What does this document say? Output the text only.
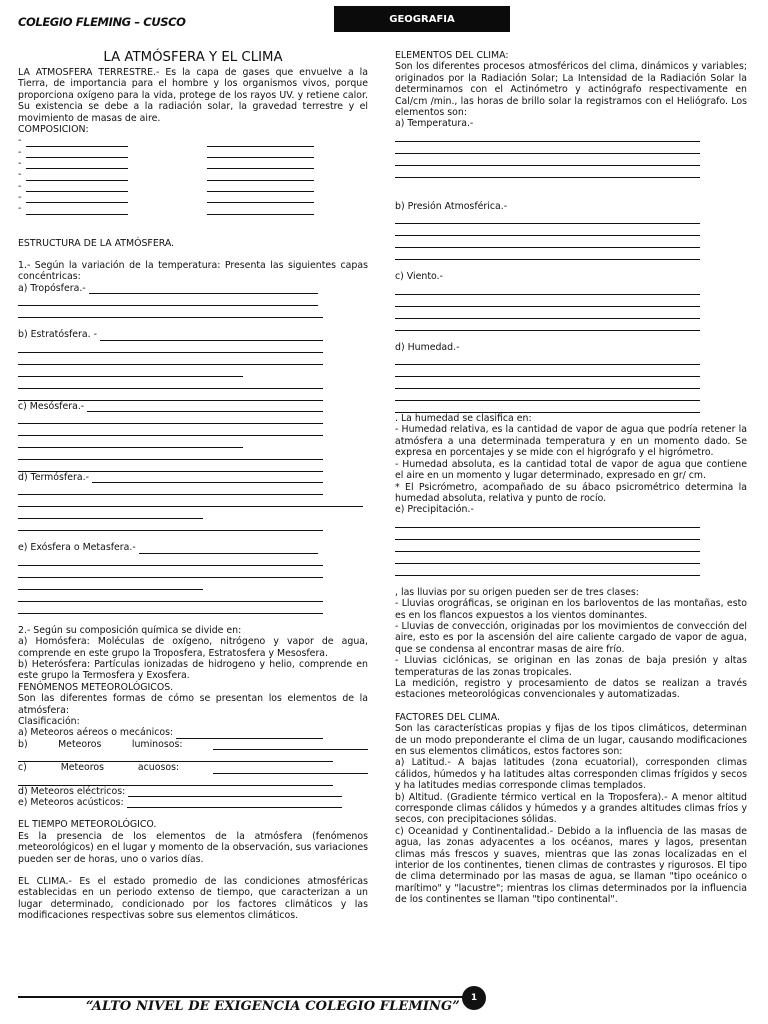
COLEGIO FLEMING – CUSCO	GEOGRAFIA

LA ATMÓSFERA Y EL CLIMA

LA ATMOSFERA TERRESTRE.- Es la capa de gases que envuelve a la Tierra, de importancia para el hombre y los organismos vivos, porque proporciona oxígeno para la vida, protege de los rayos UV. y retiene calor. Su existencia se debe a la radiación solar, la gravedad terrestre y el movimiento de masas de aire.

COMPOSICION:

-
-
-
-
-
-
-

ESTRUCTURA DE LA ATMÓSFERA.

1.- Según la variación de la temperatura: Presenta las siguientes capas concéntricas:

a) Tropósfera.-
b) Estratósfera. -
c) Mesósfera.-
d) Termósfera.-
e) Exósfera o Metasfera.-

2.- Según su composición química se divide en:

a) Homósfera: Moléculas de oxígeno, nitrógeno y vapor de agua, comprende en este grupo la Troposfera, Estratosfera y Mesosfera.

b) Heterósfera: Partículas ionizadas de hidrogeno y helio, comprende en este grupo la Termosfera y Exosfera.

FENÓMENOS METEOROLÓGICOS.

Son las diferentes formas de cómo se presentan los elementos de la atmósfera:

Clasificación:

a) Meteoros aéreos o mecánicos:
b)	Meteoros	luminosos:
c)	Meteoros	acuosos:
d) Meteoros eléctricos:
e) Meteoros acústicos:

EL TIEMPO METEOROLÓGICO.

Es la presencia de los elementos de la atmósfera (fenómenos meteorológicos) en el lugar y momento de la observación, sus variaciones pueden ser de horas, uno o varios días.

EL CLIMA.- Es el estado promedio de las condiciones atmosféricas establecidas en un periodo extenso de tiempo, que caracterizan a un lugar determinado, condicionado por los factores climáticos y las modificaciones respectivas sobre sus elementos climáticos.

ELEMENTOS DEL CLIMA:

Son los diferentes procesos atmosféricos del clima, dinámicos y variables; originados por la Radiación Solar; La Intensidad de la Radiación Solar la determinamos con el Actinómetro y actinógrafo respectivamente en Cal/cm /min., las horas de brillo solar la registramos con el Heliógrafo. Los elementos son:

a) Temperatura.-

b) Presión Atmosférica.-

c) Viento.-

d) Humedad.-

. La humedad se clasifica en:

- Humedad relativa, es la cantidad de vapor de agua que podría retener la atmósfera a una determinada temperatura y en un momento dado. Se expresa en porcentajes y se mide con el higrógrafo y el higrómetro.

- Humedad absoluta, es la cantidad total de vapor de agua que contiene el aire en un momento y lugar determinado, expresado en gr/ cm.

* El Psicrómetro, acompañado de su ábaco psicrométrico determina la humedad absoluta, relativa y punto de rocío.

e) Precipitación.-

, las lluvias por su origen pueden ser de tres clases:

- Lluvias orográficas, se originan en los barloventos de las montañas, esto es en los flancos expuestos a los vientos dominantes.

- Lluvias de convección, originadas por los movimientos de convección del aire, esto es por la ascensión del aire caliente cargado de vapor de agua, que se condensa al encontrar masas de aire frío.

- Lluvias ciclónicas, se originan en las zonas de baja presión y altas temperaturas de las zonas tropicales.

La medición, registro y procesamiento de datos se realizan a través estaciones meteorológicas convencionales y automatizadas.

FACTORES DEL CLIMA.

Son las características propias y fijas de los tipos climáticos, determinan de un modo preponderante el clima de un lugar, causando modificaciones en sus elementos climáticos, estos factores son:

a) Latitud.- A bajas latitudes (zona ecuatorial), corresponden climas cálidos, húmedos y ha latitudes altas corresponden climas frígidos y secos y ha latitudes medias corresponde climas templados.

b) Altitud. (Gradiente térmico vertical en la Troposfera).- A menor altitud corresponde climas cálidos y húmedos y a grandes altitudes climas fríos y secos, con precipitaciones sólidas.

c) Oceanidad y Continentalidad.- Debido a la influencia de las masas de agua, las zonas adyacentes a los océanos, mares y lagos, presentan climas más frescos y suaves, mientras que las zonas localizadas en el interior de los continentes, tienen climas de contrastes y rigurosos. El tipo de clima determinado por las masas de agua, se llaman "tipo oceánico o marítimo" y "lacustre"; mientras los climas determinados por la influencia de los continentes se llaman "tipo continental".

“ALTO NIVEL DE EXIGENCIA COLEGIO FLEMING”
1
